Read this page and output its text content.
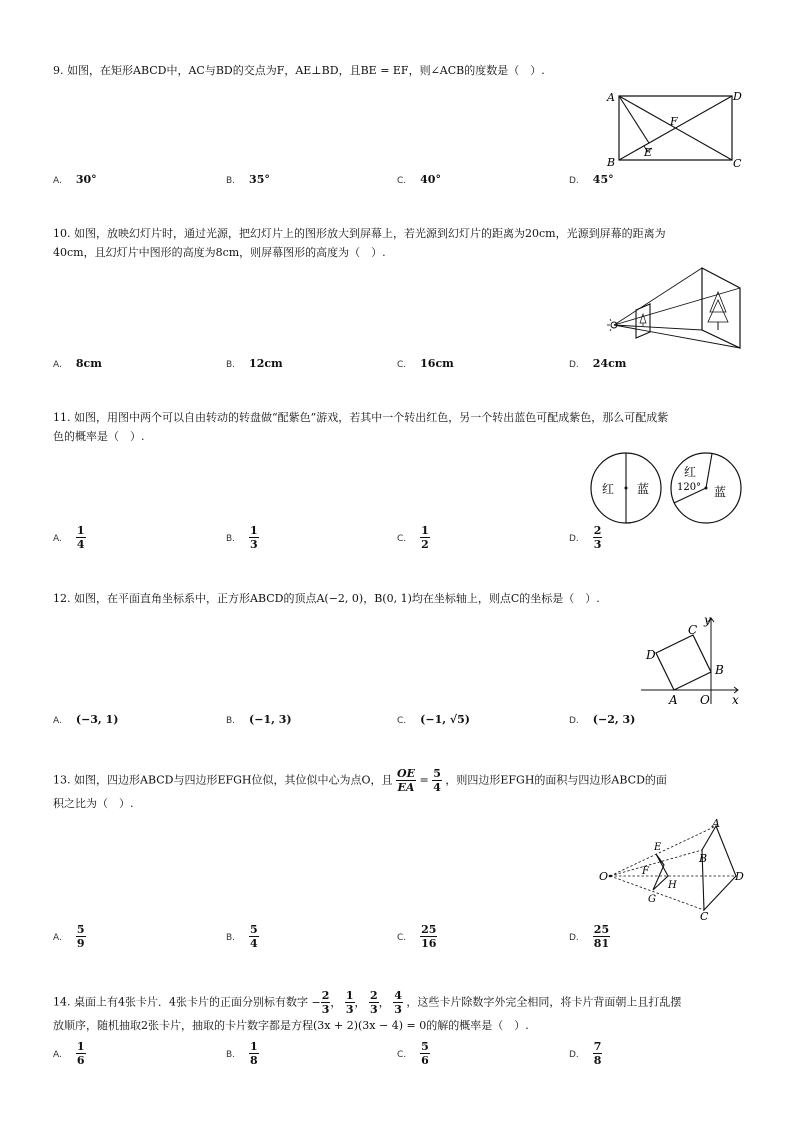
9. 如图，在矩形ABCD中，AC与BD的交点为F，AE⊥BD，且BE = EF，则∠ACB的度数是（　）.
A	D
B	C
F
E
A. 30°	B. 35°	C. 40°	D. 45°
10. 如图，放映幻灯片时，通过光源，把幻灯片上的图形放大到屏幕上，若光源到幻灯片的距离为20cm，光源到屏幕的距离为
40cm，且幻灯片中图形的高度为8cm，则屏幕图形的高度为（　）.
A. 8cm	B. 12cm	C. 16cm	D. 24cm
11. 如图，用图中两个可以自由转动的转盘做“配紫色”游戏，若其中一个转出红色，另一个转出蓝色可配成紫色，那么可配成紫
色的概率是（　）.
红 蓝
红
120° 蓝
A. $\frac{1}{4}$	B. $\frac{1}{3}$	C. $\frac{1}{2}$	D. $\frac{2}{3}$
12. 如图，在平面直角坐标系中，正方形ABCD的顶点A(−2, 0)，B(0, 1)均在坐标轴上，则点C的坐标是（　）.
A
B
C
D
O x
y
A. (−3, 1)	B. (−1, 3)	C. (−1, √5)	D. (−2, 3)
13. 如图，四边形ABCD与四边形EFGH位似，其位似中心为点O，且 $\frac{OE}{EA} = \frac{5}{4}$ ，则四边形EFGH的面积与四边形ABCD的面
积之比为（　）.
O
A
B
C
D
E
F
G
H
A. $\frac{5}{9}$	B. $\frac{5}{4}$	C. $\frac{25}{16}$	D. $\frac{25}{81}$
14. 桌面上有4张卡片．4张卡片的正面分别标有数字 − $\frac{2}{3}$ ， $\frac{1}{3}$ ， $\frac{2}{3}$ ， $\frac{4}{3}$ ，这些卡片除数字外完全相同，将卡片背面朝上且打乱摆
放顺序，随机抽取2张卡片，抽取的卡片数字都是方程(3x + 2)(3x − 4) = 0的解的概率是（　）.
A. $\frac{1}{6}$	B. $\frac{1}{8}$	C. $\frac{5}{6}$	D. $\frac{7}{8}$
